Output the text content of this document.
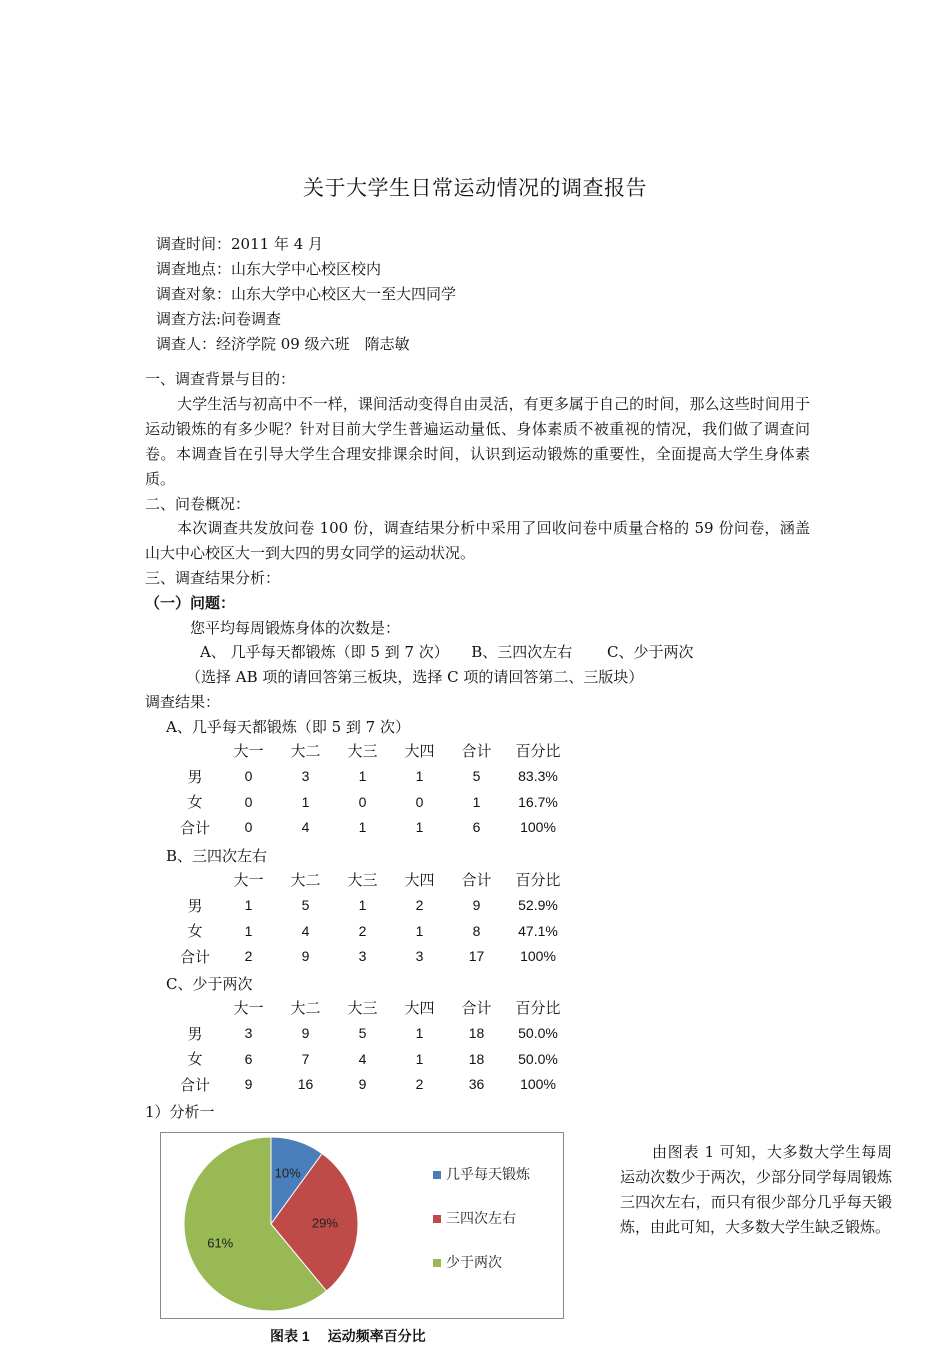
关于大学生日常运动情况的调查报告
调查时间：2011 年 4 月
调查地点：山东大学中心校区校内
调查对象：山东大学中心校区大一至大四同学
调查方法:问卷调查
调查人：经济学院 09 级六班　隋志敏
一、调查背景与目的：
大学生活与初高中不一样，课间活动变得自由灵活，有更多属于自己的时间，那么这些时间用于运动锻炼的有多少呢？针对目前大学生普遍运动量低、身体素质不被重视的情况，我们做了调查问卷。本调查旨在引导大学生合理安排课余时间，认识到运动锻炼的重要性，全面提高大学生身体素质。
二、问卷概况：
本次调查共发放问卷 100 份，调查结果分析中采用了回收问卷中质量合格的 59 份问卷，涵盖山大中心校区大一到大四的男女同学的运动状况。
三、调查结果分析：
（一）问题：
您平均每周锻炼身体的次数是：
A、 几乎每天都锻炼（即 5 到 7 次）　　B、三四次左右　　 C、少于两次
（选择 AB 项的请回答第三板块，选择 C 项的请回答第二、三版块）
调查结果：
A、几乎每天都锻炼（即 5 到 7 次）
	大一	大二	大三	大四	合计	百分比
男	0	3	1	1	5	83.3%
女	0	1	0	0	1	16.7%
合计	0	4	1	1	6	100%
B、三四次左右
	大一	大二	大三	大四	合计	百分比
男	1	5	1	2	9	52.9%
女	1	4	2	1	8	47.1%
合计	2	9	3	3	17	100%
C、少于两次
	大一	大二	大三	大四	合计	百分比
男	3	9	5	1	18	50.0%
女	6	7	4	1	18	50.0%
合计	9	16	9	2	36	100%
1）分析一
10%
29%
61%
几乎每天锻炼
三四次左右
少于两次
图表 1　 运动频率百分比
由图表 1 可知，大多数大学生每周运动次数少于两次，少部分同学每周锻炼三四次左右，而只有很少部分几乎每天锻炼，由此可知，大多数大学生缺乏锻炼。
